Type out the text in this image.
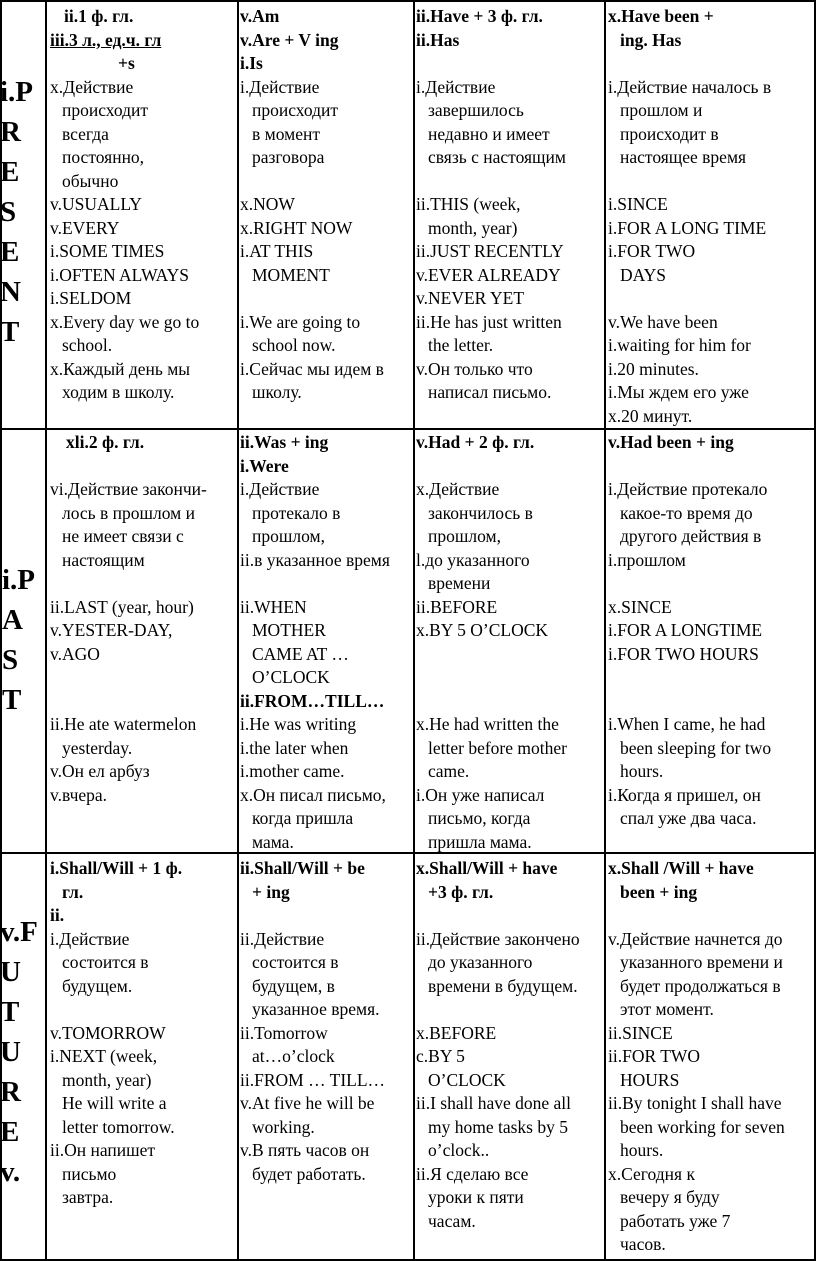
i.P
R
E
S
E
N
T
ii.1 ф. гл.
iii.3 л., ед.ч. гл
+s
x.Действие
происходит
всегда
постоянно,
обычно
v.USUALLY
v.EVERY
i.SOME TIMES
i.OFTEN ALWAYS
i.SELDOM
x.Every day we go to
school.
x.Каждый день мы
ходим в школу.
v.Am
v.Are + V ing
i.Is
i.Действие
происходит
в момент
разговора
x.NOW
x.RIGHT NOW
i.AT THIS
MOMENT
i.We are going to
school now.
i.Сейчас мы идем в
школу.
ii.Have + 3 ф. гл.
ii.Has
i.Действие
завершилось
недавно и имеет
связь с настоящим
ii.THIS (week,
month, year)
ii.JUST RECENTLY
v.EVER ALREADY
v.NEVER YET
ii.He has just written
the letter.
v.Он только что
написал письмо.
x.Have been +
ing. Has
i.Действие началось в
прошлом и
происходит в
настоящее время
i.SINCE
i.FOR A LONG TIME
i.FOR TWO
DAYS
v.We have been
i.waiting for him for
i.20 minutes.
i.Мы ждем его уже
x.20 минут.
i.P
A
S
T
xli.2 ф. гл.
vi.Действие закончи-
лось в прошлом и
не имеет связи с
настоящим
ii.LAST (year, hour)
v.YESTER-DAY,
v.AGO
ii.He ate watermelon
yesterday.
v.Он ел арбуз
v.вчера.
ii.Was + ing
i.Were
i.Действие
протекало в
прошлом,
ii.в указанное время
ii.WHEN
MOTHER
CAME AT …
O’CLOCK
ii.FROM…TILL…
i.He was writing
i.the later when
i.mother came.
x.Он писал письмо,
когда пришла
мама.
v.Had + 2 ф. гл.
x.Действие
закончилось в
прошлом,
l.до указанного
времени
ii.BEFORE
x.BY 5 O’CLOCK
x.He had written the
letter before mother
came.
i.Он уже написал
письмо, когда
пришла мама.
v.Had been + ing
i.Действие протекало
какое-то время до
другого действия в
i.прошлом
x.SINCE
i.FOR A LONGTIME
i.FOR TWO HOURS
i.When I came, he had
been sleeping for two
hours.
i.Когда я пришел, он
спал уже два часа.
v.F
U
T
U
R
E
v.
i.Shall/Will + 1 ф.
гл.
ii.
i.Действие
состоится в
будущем.
v.TOMORROW
i.NEXT (week,
month, year)
He will write a
letter tomorrow.
ii.Он напишет
письмо
завтра.
ii.Shall/Will + be
+ ing
ii.Действие
состоится в
будущем, в
указанное время.
ii.Tomorrow
at…o’clock
ii.FROM … TILL…
v.At five he will be
working.
v.В пять часов он
будет работать.
x.Shall/Will + have
+3 ф. гл.
ii.Действие закончено
до указанного
времени в будущем.
x.BEFORE
c.BY 5
O’CLOCK
ii.I shall have done all
my home tasks by 5
o’clock..
ii.Я сделаю все
уроки к пяти
часам.
x.Shall /Will + have
been + ing
v.Действие начнется до
указанного времени и
будет продолжаться в
этот момент.
ii.SINCE
ii.FOR TWO
HOURS
ii.By tonight I shall have
been working for seven
hours.
x.Сегодня к
вечеру я буду
работать уже 7
часов.
